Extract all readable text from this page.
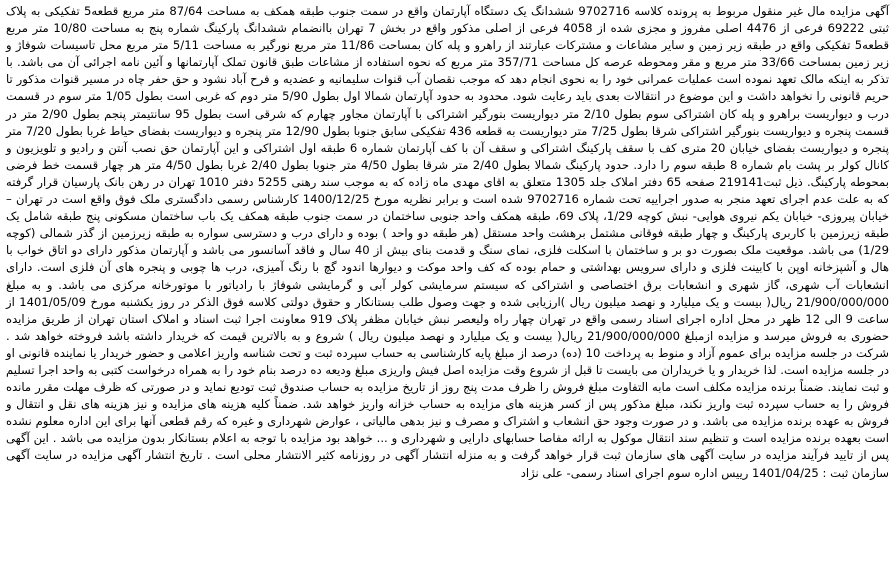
آگهی مزایده مال غیر منقول مربوط به پرونده کلاسه 9702716 ششدانگ یک دستگاه آپارتمان واقع در سمت جنوب طبقه همکف به مساحت 87/64 متر مربع قطعه5 تفکیکی به پلاک ثبتی 69222 فرعی از 4476 اصلی مفروز و مجزی شده از 4058 فرعی از اصلی مذکور واقع در بخش 7 تهران باانضمام ششدانگ پارکینگ شماره پنج به مساحت 10/80 متر مربع قطعه5 تفکیکی واقع در طبقه زیر زمین و سایر مشاعات و مشترکات عبارتند از راهرو و پله کان بمساحت 11/86 متر مربع نورگیر به مساحت 5/11 متر مربع محل تاسیسات شوفاژ و زیر زمین بمساحت 33/66 متر مربع و مقر ومحوطه عرصه کل مساحت 357/71 متر مربع که نحوه استفاده از مشاعات طبق قانون تملک آپارتمانها و آئین نامه اجرائی آن می باشد. با تذکر به اینکه مالک تعهد نموده است عملیات عمرانی خود را به نحوی انجام دهد که موجب نقصان آب قنوات سلیمانیه و عضدیه و فرح آباد نشود و حق حفر چاه در مسیر قنوات مذکور تا حریم قانونی را نخواهد داشت و این موضوع در انتقالات بعدی باید رعایت شود. محدود به حدود آپارتمان شمالا اول بطول 5/90 متر دوم که غربی است بطول 1/05 متر سوم در قسمت درب و دیواریست براهرو و پله کان اشتراکی سوم بطول 2/10 متر دیواریست بنورگیر اشتراکی با آپارتمان مجاور چهارم که شرقی است بطول 95 سانتیمتر پنجم بطول 2/90 متر در قسمت پنجره و دیواریست بنورگیر اشتراکی شرقا بطول 7/25 متر دیواریست به قطعه 436 تفکیکی سابق جنوبا بطول 12/90 متر پنجره و دیواریست بفضای حیاط غربا بطول 7/20 متر پنجره و دیواریست بفضای خیابان 20 متری کف با سقف پارکینگ اشتراکی و سقف آن با کف آپارتمان شماره 6 طبقه اول اشتراکی و این آپارتمان حق نصب آنتن و رادیو و تلویزیون و کانال کولر بر پشت بام شماره 8 طبقه سوم را دارد. حدود پارکینگ شمالا بطول 2/40 متر شرقا بطول 4/50 متر جنوبا بطول 2/40 غربا بطول 4/50 متر هر چهار قسمت خط فرضی بمحوطه پارکینگ. ذیل ثبت219141 صفحه 65 دفتر املاک جلد 1305 متعلق به اقای مهدی ماه زاده که به موجب سند رهنی 5255 دفتر 1010 تهران در رهن بانک پارسیان قرار گرفته که به علت عدم اجرای تعهد منجر به صدور اجراییه تحت شماره 9702716 شده است و برابر نظریه مورخ 1400/12/25 کارشناس رسمی دادگستری ملک فوق واقع است در تهران – خیابان پیروزی- خیابان یکم نیروی هوایی- نبش کوچه 1/29، پلاک 69، طبقه همکف واحد جنوبی ساختمان در سمت جنوب طبقه همکف یک باب ساختمان مسکونی پنج طبقه شامل یک طبقه زیرزمین با کاربری پارکینگ و چهار طبقه فوقانی مشتمل برهشت واحد مستقل (هر طبقه دو واحد ) بوده و دارای درب و دسترسی سواره به طبقه زیرزمین از گذر شمالی (کوچه 1/29) می باشد. موقعیت ملک بصورت دو بر و ساختمان با اسکلت فلزی، نمای سنگ و قدمت بنای بیش از 40 سال و فاقد آسانسور می باشد و آپارتمان مذکور دارای دو اتاق خواب با هال و آشپزخانه اوپن با کابینت فلزی و دارای سرویس بهداشتی و حمام بوده که کف واحد موکت و دیوارها اندود گچ با رنگ آمیزی، درب ها چوبی و پنجره های آن فلزی است. دارای انشعابات آب شهری، گاز شهری و انشعابات برق اختصاصی و اشتراکی که سیستم سرمایشی کولر آبی و گرمایشی شوفاژ با رادیاتور با موتورخانه مرکزی می باشد. و به مبلغ 21/900/000/000 ریال( بیست و یک میلیارد و نهصد میلیون ریال )ارزیابی شده و جهت وصول طلب بستانکار و حقوق دولتی کلاسه فوق الذکر در روز یکشنبه مورخ 1401/05/09 از ساعت 9 الی 12 ظهر در محل اداره اجرای اسناد رسمی واقع در تهران چهار راه ولیعصر نبش خیابان مظفر پلاک 919 معاونت اجرا ثبت اسناد و املاک استان تهران از طریق مزایده حضوری به فروش میرسد و مزایده ازمبلغ 21/900/000/000 ریال( بیست و یک میلیارد و نهصد میلیون ریال ) شروع و به بالاترین قیمت که خریدار داشته باشد فروخته خواهد شد . شرکت در جلسه مزایده برای عموم آزاد و منوط به پرداخت 10 (ده) درصد از مبلغ پایه کارشناسی به حساب سپرده ثبت و تحت شناسه واریز اعلامی و حضور خریدار یا نماینده قانونی او در جلسه مزایده است. لذا خریدار و یا خریداران می بایست تا قبل از شروع وقت مزایده اصل فیش واریزی مبلغ ودیعه ده درصد بنام خود را به همراه درخواست کتبی به واحد اجرا تسلیم و ثبت نمایند. ضمناً برنده مزایده مکلف است مابه التفاوت مبلغ فروش را ظرف مدت پنج روز از تاریخ مزایده به حساب صندوق ثبت تودیع نماید و در صورتی که ظرف مهلت مقرر مانده فروش را به حساب سپرده ثبت واریز نکند، مبلغ مذکور پس از کسر هزینه های مزایده به حساب خزانه واریز خواهد شد. ضمناً کلیه هزینه های مزایده و نیز هزینه های نقل و انتقال و فروش به عهده برنده مزایده می باشد. و در صورت وجود حق انشعاب و اشتراک و مصرف و نیز بدهی مالیاتی ، عوارض شهرداری و غیره که رقم قطعی آنها برای این اداره معلوم نشده است بعهده برنده مزایده است و تنظیم سند انتقال موکول به ارائه مفاصا حسابهای دارایی و شهرداری و ... خواهد بود مزایده با توجه به اعلام بستانکار بدون مزایده می باشد . این آگهی پس از تایید فرآیند مزایده در سایت آگهی های سازمان ثبت قرار خواهد گرفت و به منزله انتشار آگهی در روزنامه کثیر الانتشار محلی است . تاریخ انتشار آگهی مزایده در سایت آگهی سازمان ثبت : 1401/04/25 رییس اداره سوم اجرای اسناد رسمی- علی نژاد
